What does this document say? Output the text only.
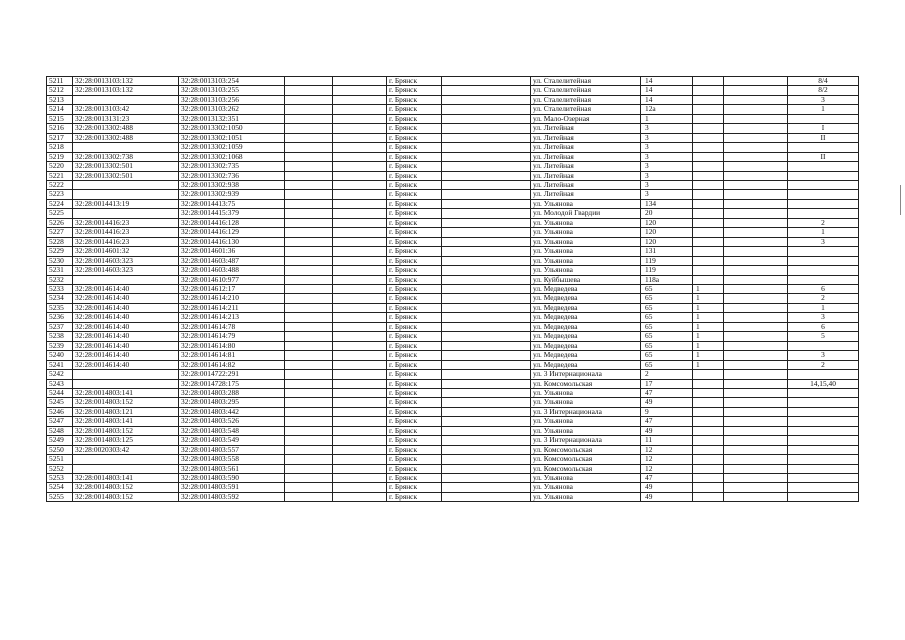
5211	32:28:0013103:132	32:28:0013103:254			г. Брянск		ул. Сталелитейная	14			8/4
5212	32:28:0013103:132	32:28:0013103:255			г. Брянск		ул. Сталелитейная	14			8/2
5213		32:28:0013103:256			г. Брянск		ул. Сталелитейная	14			3
5214	32:28:0013103:42	32:28:0013103:262			г. Брянск		ул. Сталелитейная	12а			1
5215	32:28:0013131:23	32:28:0013132:351			г. Брянск		ул. Мало-Озерная	1			
5216	32:28:0013302:488	32:28:0013302:1050			г. Брянск		ул. Литейная	3			I
5217	32:28:0013302:488	32:28:0013302:1051			г. Брянск		ул. Литейная	3			II
5218		32:28:0013302:1059			г. Брянск		ул. Литейная	3			
5219	32:28:0013302:738	32:28:0013302:1068			г. Брянск		ул. Литейная	3			II
5220	32:28:0013302:501	32:28:0013302:735			г. Брянск		ул. Литейная	3			
5221	32:28:0013302:501	32:28:0013302:736			г. Брянск		ул. Литейная	3			
5222		32:28:0013302:938			г. Брянск		ул. Литейная	3			
5223		32:28:0013302:939			г. Брянск		ул. Литейная	3			
5224	32:28:0014413:19	32:28:0014413:75			г. Брянск		ул. Ульянова	134			
5225		32:28:0014415:379			г. Брянск		ул. Молодой Гвардии	20			
5226	32:28:0014416:23	32:28:0014416:128			г. Брянск		ул. Ульянова	120			2
5227	32:28:0014416:23	32:28:0014416:129			г. Брянск		ул. Ульянова	120			1
5228	32:28:0014416:23	32:28:0014416:130			г. Брянск		ул. Ульянова	120			3
5229	32:28:0014601:32	32:28:0014601:36			г. Брянск		ул. Ульянова	131			
5230	32:28:0014603:323	32:28:0014603:487			г. Брянск		ул. Ульянова	119			
5231	32:28:0014603:323	32:28:0014603:488			г. Брянск		ул. Ульянова	119			
5232		32:28:0014610:977			г. Брянск		ул. Куйбышева	118а			
5233	32:28:0014614:40	32:28:0014612:17			г. Брянск		ул. Медведева	65	1		6
5234	32:28:0014614:40	32:28:0014614:210			г. Брянск		ул. Медведева	65	1		2
5235	32:28:0014614:40	32:28:0014614:211			г. Брянск		ул. Медведева	65	1		1
5236	32:28:0014614:40	32:28:0014614:213			г. Брянск		ул. Медведева	65	1		3
5237	32:28:0014614:40	32:28:0014614:78			г. Брянск		ул. Медведева	65	1		6
5238	32:28:0014614:40	32:28:0014614:79			г. Брянск		ул. Медведева	65	1		5
5239	32:28:0014614:40	32:28:0014614:80			г. Брянск		ул. Медведева	65	1		
5240	32:28:0014614:40	32:28:0014614:81			г. Брянск		ул. Медведева	65	1		3
5241	32:28:0014614:40	32:28:0014614:82			г. Брянск		ул. Медведева	65	1		2
5242		32:28:0014722:291			г. Брянск		ул. 3 Интернационала	2			
5243		32:28:0014728:175			г. Брянск		ул. Комсомольская	17			14,15,40
5244	32:28:0014803:141	32:28:0014803:288			г. Брянск		ул. Ульянова	47			
5245	32:28:0014803:152	32:28:0014803:295			г. Брянск		ул. Ульянова	49			
5246	32:28:0014803:121	32:28:0014803:442			г. Брянск		ул. 3 Интернационала	9			
5247	32:28:0014803:141	32:28:0014803:526			г. Брянск		ул. Ульянова	47			
5248	32:28:0014803:152	32:28:0014803:548			г. Брянск		ул. Ульянова	49			
5249	32:28:0014803:125	32:28:0014803:549			г. Брянск		ул. 3 Интернационала	11			
5250	32:28:0020303:42	32:28:0014803:557			г. Брянск		ул. Комсомольская	12			
5251		32:28:0014803:558			г. Брянск		ул. Комсомольская	12			
5252		32:28:0014803:561			г. Брянск		ул. Комсомольская	12			
5253	32:28:0014803:141	32:28:0014803:590			г. Брянск		ул. Ульянова	47			
5254	32:28:0014803:152	32:28:0014803:591			г. Брянск		ул. Ульянова	49			
5255	32:28:0014803:152	32:28:0014803:592			г. Брянск		ул. Ульянова	49			
